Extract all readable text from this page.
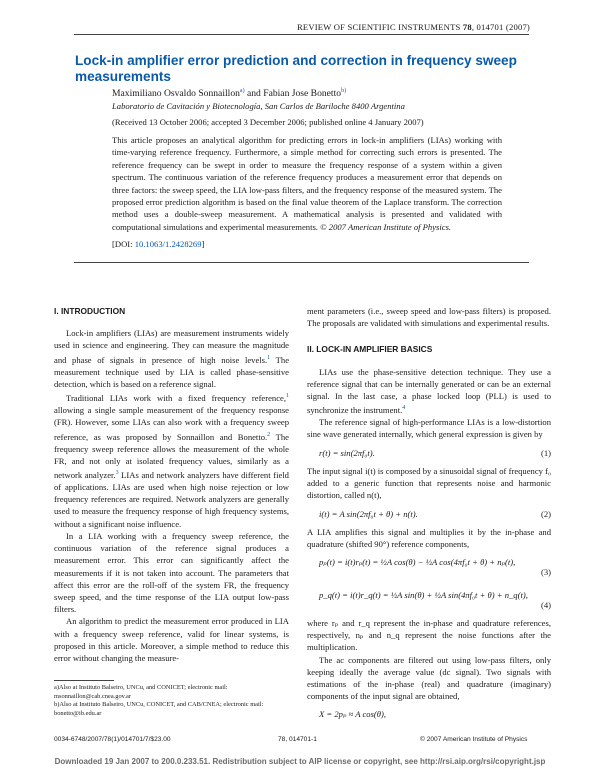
REVIEW OF SCIENTIFIC INSTRUMENTS 78, 014701 (2007)
Lock-in amplifier error prediction and correction in frequency sweep measurements
Maximiliano Osvaldo Sonnaillon$^{a)}$ and Fabian Jose Bonetto$^{b)}$
Laboratorio de Cavitación y Biotecnología, San Carlos de Bariloche 8400 Argentina
(Received 13 October 2006; accepted 3 December 2006; published online 4 January 2007)
This article proposes an analytical algorithm for predicting errors in lock-in amplifiers (LIAs) working with time-varying reference frequency. Furthermore, a simple method for correcting such errors is presented. The reference frequency can be swept in order to measure the frequency response of a system within a given spectrum. The continuous variation of the reference frequency produces a measurement error that depends on three factors: the sweep speed, the LIA low-pass filters, and the frequency response of the measured system. The proposed error prediction algorithm is based on the final value theorem of the Laplace transform. The correction method uses a double-sweep measurement. A mathematical analysis is presented and validated with computational simulations and experimental measurements. © 2007 American Institute of Physics.
[DOI: 10.1063/1.2428269]
I. INTRODUCTION

Lock-in amplifiers (LIAs) are measurement instruments widely used in science and engineering. They can measure the magnitude and phase of signals in presence of high noise levels.$^1$ The measurement technique used by LIA is called phase-sensitive detection, which is based on a reference signal.

Traditional LIAs work with a fixed frequency reference,$^1$ allowing a single sample measurement of the frequency response (FR). However, some LIAs can also work with a frequency sweep reference, as was proposed by Sonnaillon and Bonetto.$^2$ The frequency sweep reference allows the measurement of the whole FR, and not only at isolated frequency values, similarly as a network analyzer.$^3$ LIAs and network analyzers have different field of applications. LIAs are used when high noise rejection or low frequency references are required. Network analyzers are generally used to measure the frequency response of high frequency systems, without a significant noise influence.

In a LIA working with a frequency sweep reference, the continuous variation of the reference signal produces a measurement error. This error can significantly affect the measurements if it is not taken into account. The parameters that affect this error are the roll-off of the system FR, the frequency sweep speed, and the time response of the LIA output low-pass filters.

An algorithm to predict the measurement error produced in LIA with a frequency sweep reference, valid for linear systems, is proposed in this article. Moreover, a simple method to reduce this error without changing the measure-

ment parameters (i.e., sweep speed and low-pass filters) is proposed. The proposals are validated with simulations and experimental results.

II. LOCK-IN AMPLIFIER BASICS

LIAs use the phase-sensitive detection technique. They use a reference signal that can be internally generated or can be an external signal. In the last case, a phase locked loop (PLL) is used to synchronize the instrument.$^4$

The reference signal of high-performance LIAs is a low-distortion sine wave generated internally, which general expression is given by

r(t) = sin(2πf₀t).	(1)

The input signal i(t) is composed by a sinusoidal signal of frequency f₀ added to a generic function that represents noise and harmonic distortion, called n(t),

i(t) = A sin(2πf₀t + θ) + n(t).	(2)

A LIA amplifies this signal and multiplies it by the in-phase and quadrature (shifted 90°) reference components,

pₚ(t) = i(t)rₚ(t) = ½A cos(θ) − ½A cos(4πf₀t + θ) + nₚ(t),
(3)
p_q(t) = i(t)r_q(t) = ½A sin(θ) + ½A sin(4πf₀t + θ) + n_q(t),
(4)

where rₚ and r_q represent the in-phase and quadrature references, respectively, nₚ and n_q represent the noise functions after the multiplication.

The ac components are filtered out using low-pass filters, only keeping ideally the average value (dc signal). Two signals with estimations of the in-phase (real) and quadrature (imaginary) components of the input signal are obtained,

X = 2pₚ ≈ A cos(θ),
a)Also at Instituto Balseiro, UNCu, and CONICET; electronic mail: msonnaillon@cab.cnea.gov.ar
b)Also at Instituto Balseiro, UNCu, CONICET, and CAB/CNEA; electronic mail: bonetto@ib.edu.ar
0034-6748/2007/78(1)/014701/7/$23.00	78, 014701-1	© 2007 American Institute of Physics
Downloaded 19 Jan 2007 to 200.0.233.51. Redistribution subject to AIP license or copyright, see http://rsi.aip.org/rsi/copyright.jsp
